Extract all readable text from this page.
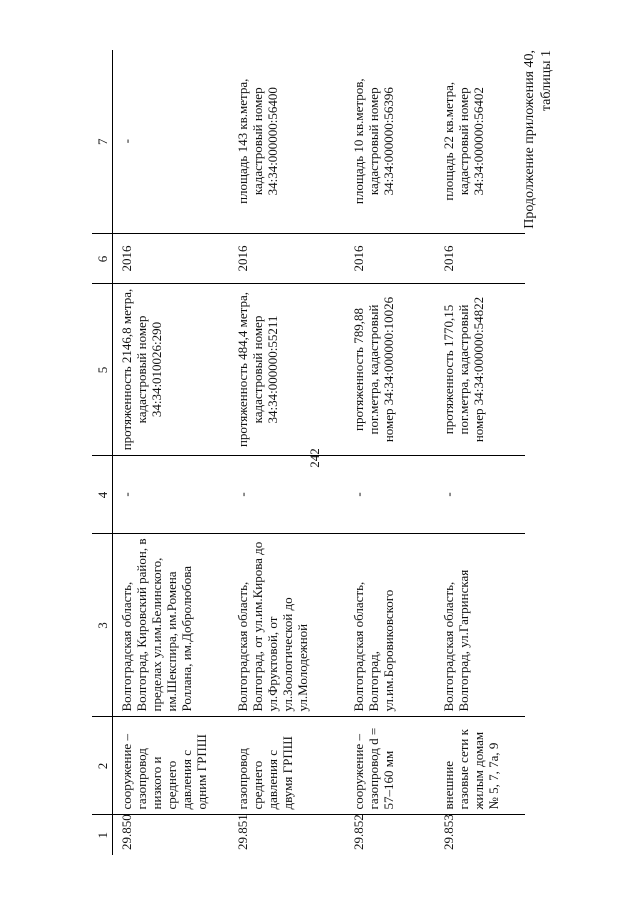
242
Продолжение приложения 40, таблицы 1
1	2	3	4	5	6	7
29.850	сооружение – газопровод низкого и среднего давления с одним ГРПШ	Волгоградская область, Волгоград, Кировский район, в пределах ул.им.Белинского, им.Шекспира, им.Ромена Роллана, им.Добролюбова	-	протяженность 2146,8 метра, кадастровый номер 34:34:010026:290	2016	-
29.851	газопровод среднего давления с двумя ГРПШ	Волгоградская область, Волгоград, от ул.им.Кирова до ул.Фруктовой, от ул.Зоологической до ул.Молодежной	-	протяженность 484,4 метра, кадастровый номер 34:34:000000:55211	2016	площадь 143 кв.метра, кадастровый номер 34:34:000000:56400
29.852	сооружение – газопровод d = 57–160 мм	Волгоградская область, Волгоград, ул.им.Боровиковского	-	протяженность 789,88 пог.метра, кадастровый номер 34:34:000000:10026	2016	площадь 10 кв.метров, кадастровый номер 34:34:000000:56396
29.853	внешние газовые сети к жилым домам № 5, 7, 7а, 9	Волгоградская область, Волгоград, ул.Гагринская	-	протяженность 1770,15 пог.метра, кадастровый номер 34:34:000000:54822	2016	площадь 22 кв.метра, кадастровый номер 34:34:000000:56402
